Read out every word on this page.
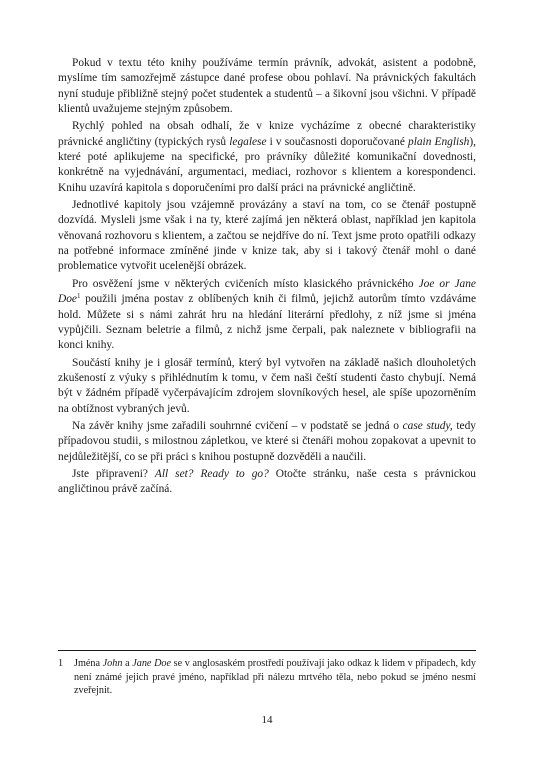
Pokud v textu této knihy používáme termín právník, advokát, asistent a podobně, myslíme tím samozřejmě zástupce dané profese obou pohlaví. Na právnických fakultách nyní studuje přibližně stejný počet studentek a studentů – a šikovní jsou všichni. V případě klientů uvažujeme stejným způsobem.

Rychlý pohled na obsah odhalí, že v knize vycházíme z obecné charakteristiky právnické angličtiny (typických rysů legalese i v současnosti doporučované plain English), které poté aplikujeme na specifické, pro právníky důležité komunikační dovednosti, konkrétně na vyjednávání, argumentaci, mediaci, rozhovor s klientem a korespondenci. Knihu uzavírá kapitola s doporučeními pro další práci na právnické angličtině.

Jednotlivé kapitoly jsou vzájemně provázány a staví na tom, co se čtenář postupně dozvídá. Mysleli jsme však i na ty, které zajímá jen některá oblast, například jen kapitola věnovaná rozhovoru s klientem, a začtou se nejdříve do ní. Text jsme proto opatřili odkazy na potřebné informace zmíněné jinde v knize tak, aby si i takový čtenář mohl o dané problematice vytvořit ucelenější obrázek.

Pro osvěžení jsme v některých cvičeních místo klasického právnického Joe or Jane Doe$^1$ použili jména postav z oblíbených knih či filmů, jejichž autorům tímto vzdáváme hold. Můžete si s námi zahrát hru na hledání literární předlohy, z níž jsme si jména vypůjčili. Seznam beletrie a filmů, z nichž jsme čerpali, pak naleznete v bibliografii na konci knihy.

Součástí knihy je i glosář termínů, který byl vytvořen na základě našich dlouholetých zkušeností z výuky s přihlédnutím k tomu, v čem naši čeští studenti často chybují. Nemá být v žádném případě vyčerpávajícím zdrojem slovníkových hesel, ale spíše upozorněním na obtížnost vybraných jevů.

Na závěr knihy jsme zařadili souhrnné cvičení – v podstatě se jedná o case study, tedy případovou studii, s milostnou zápletkou, ve které si čtenáři mohou zopakovat a upevnit to nejdůležitější, co se při práci s knihou postupně dozvěděli a naučili.

Jste připraveni? All set? Ready to go? Otočte stránku, naše cesta s právnickou angličtinou právě začíná.

1	Jména John a Jane Doe se v anglosaském prostředí používají jako odkaz k lidem v případech, kdy není známé jejich pravé jméno, například při nálezu mrtvého těla, nebo pokud se jméno nesmí zveřejnit.
14
